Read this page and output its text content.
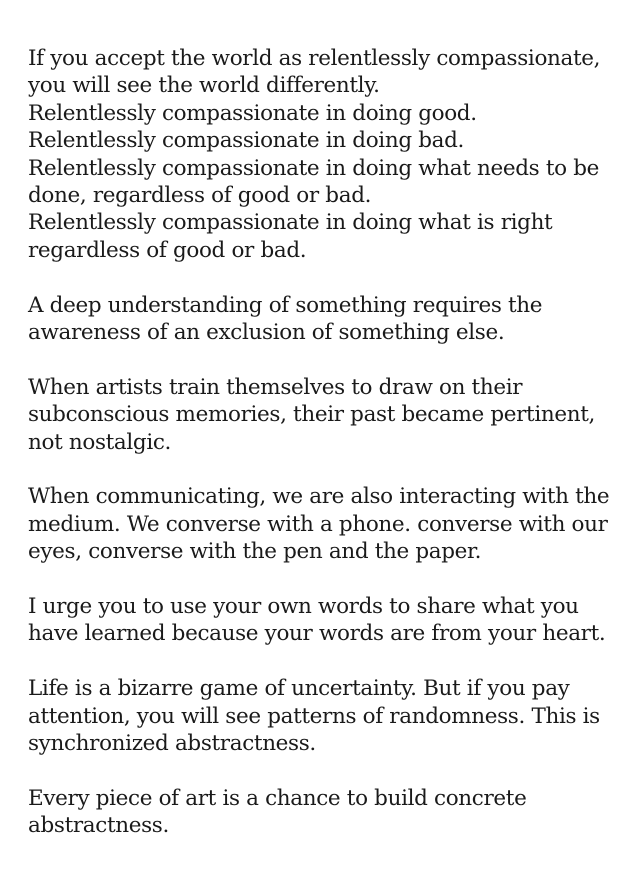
If you accept the world as relentlessly compassionate,
you will see the world differently.
Relentlessly compassionate in doing good.
Relentlessly compassionate in doing bad.
Relentlessly compassionate in doing what needs to be
done, regardless of good or bad.
Relentlessly compassionate in doing what is right
regardless of good or bad.

A deep understanding of something requires the
awareness of an exclusion of something else.

When artists train themselves to draw on their
subconscious memories, their past became pertinent,
not nostalgic.

When communicating, we are also interacting with the
medium. We converse with a phone. converse with our
eyes, converse with the pen and the paper.

I urge you to use your own words to share what you
have learned because your words are from your heart.

Life is a bizarre game of uncertainty. But if you pay
attention, you will see patterns of randomness. This is
synchronized abstractness.

Every piece of art is a chance to build concrete
abstractness.
